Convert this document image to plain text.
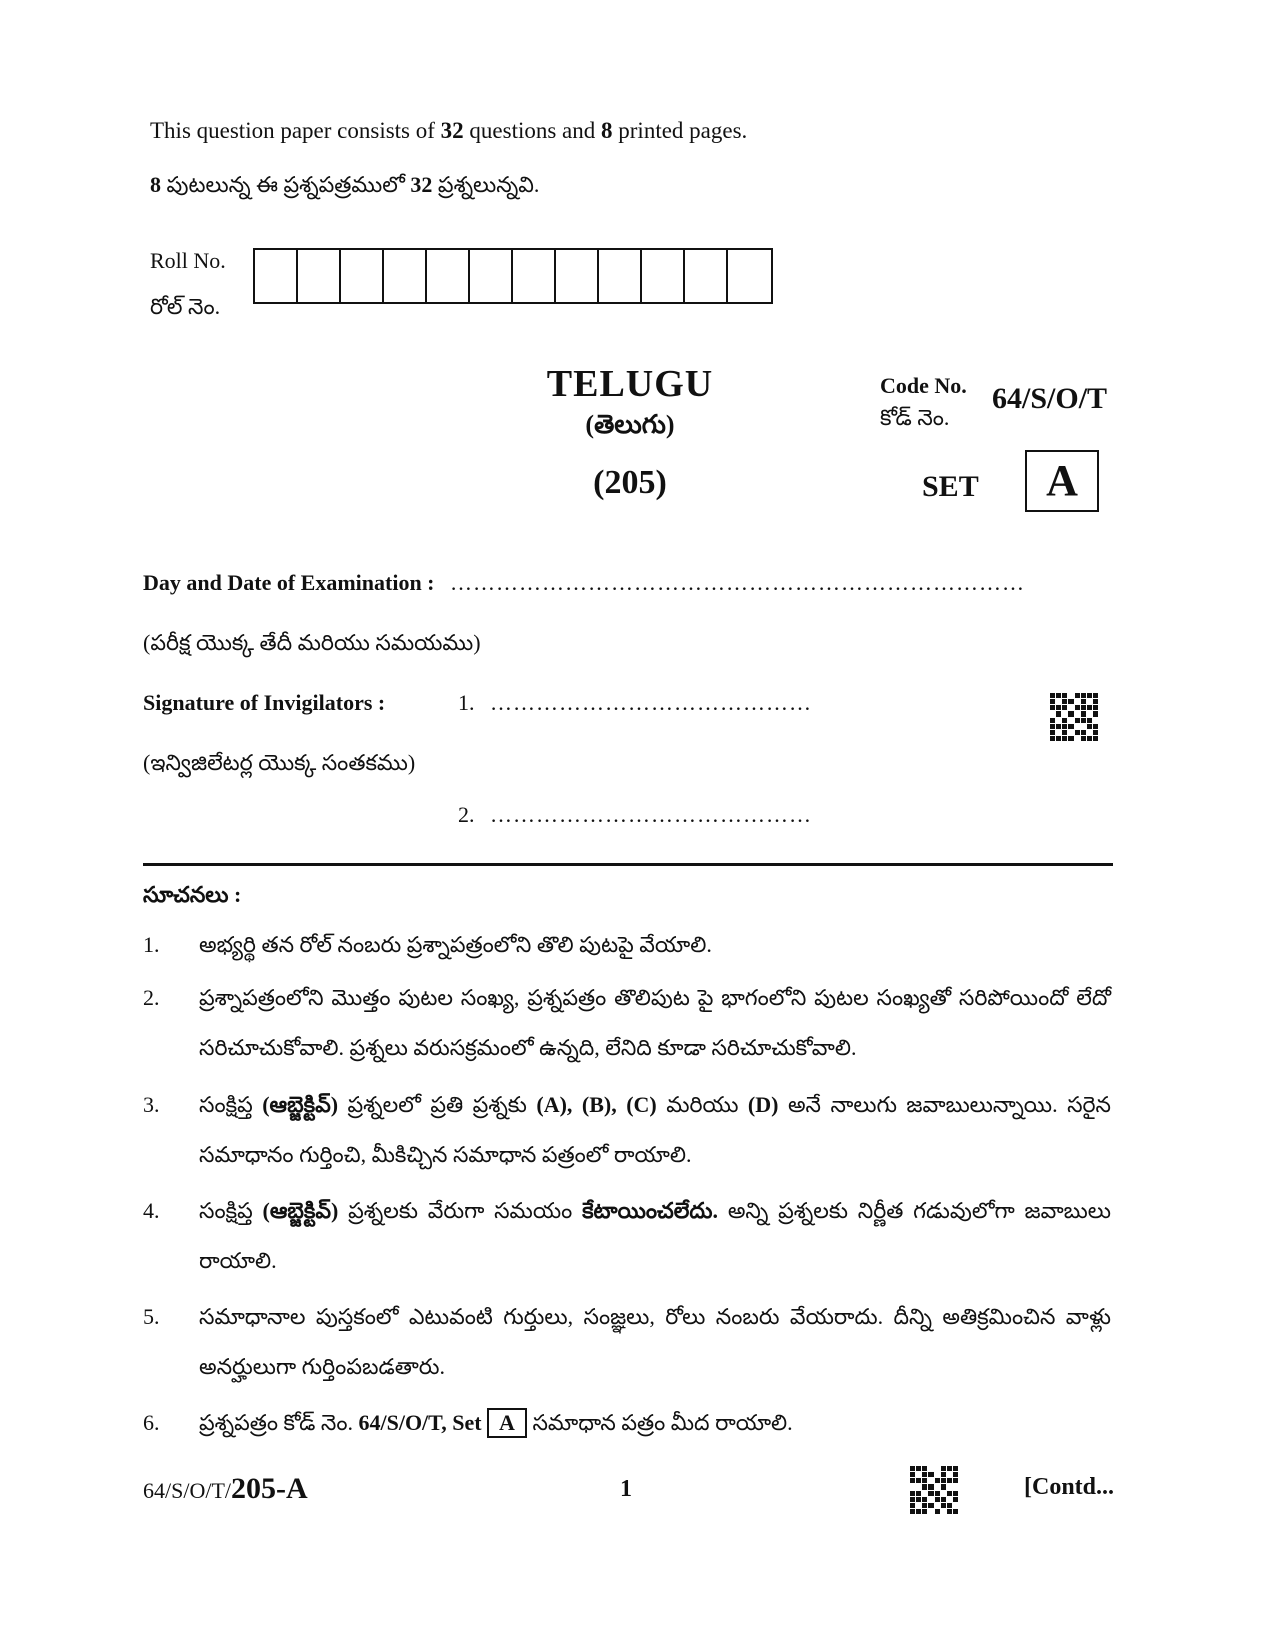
This question paper consists of 32 questions and 8 printed pages.
8 పుటలున్న ఈ ప్రశ్నపత్రములో 32 ప్రశ్నలున్నవి.
Roll No.
రోల్ నెం.
TELUGU
(తెలుగు)
(205)
Code No.
కోడ్ నెం.
64/S/O/T
SET	A
Day and Date of Examination : …………………………………………………………………
(పరీక్ష యొక్క తేదీ మరియు సమయము)
Signature of Invigilators :	1. ……………………………………
(ఇన్విజిలేటర్ల యొక్క సంతకము)
2. ……………………………………
సూచనలు :
1.	అభ్యర్థి తన రోల్ నంబరు ప్రశ్నాపత్రంలోని తొలి పుటపై వేయాలి.
2.	ప్రశ్నాపత్రంలోని మొత్తం పుటల సంఖ్య, ప్రశ్నపత్రం తొలిపుట పై భాగంలోని పుటల సంఖ్యతో సరిపోయిందో లేదో సరిచూచుకోవాలి. ప్రశ్నలు వరుసక్రమంలో ఉన్నది, లేనిది కూడా సరిచూచుకోవాలి.
3.	సంక్షిప్త (ఆబ్జెక్టివ్) ప్రశ్నలలో ప్రతి ప్రశ్నకు (A), (B), (C) మరియు (D) అనే నాలుగు జవాబులున్నాయి. సరైన సమాధానం గుర్తించి, మీకిచ్చిన సమాధాన పత్రంలో రాయాలి.
4.	సంక్షిప్త (ఆబ్జెక్టివ్) ప్రశ్నలకు వేరుగా సమయం కేటాయించలేదు. అన్ని ప్రశ్నలకు నిర్ణీత గడువులోగా జవాబులు రాయాలి.
5.	సమాధానాల పుస్తకంలో ఎటువంటి గుర్తులు, సంజ్ఞలు, రోలు నంబరు వేయరాదు. దీన్ని అతిక్రమించిన వాళ్లు అనర్హులుగా గుర్తింపబడతారు.
6.	ప్రశ్నపత్రం కోడ్ నెం. 64/S/O/T, Set A సమాధాన పత్రం మీద రాయాలి.
64/S/O/T/205-A	1	[Contd...
